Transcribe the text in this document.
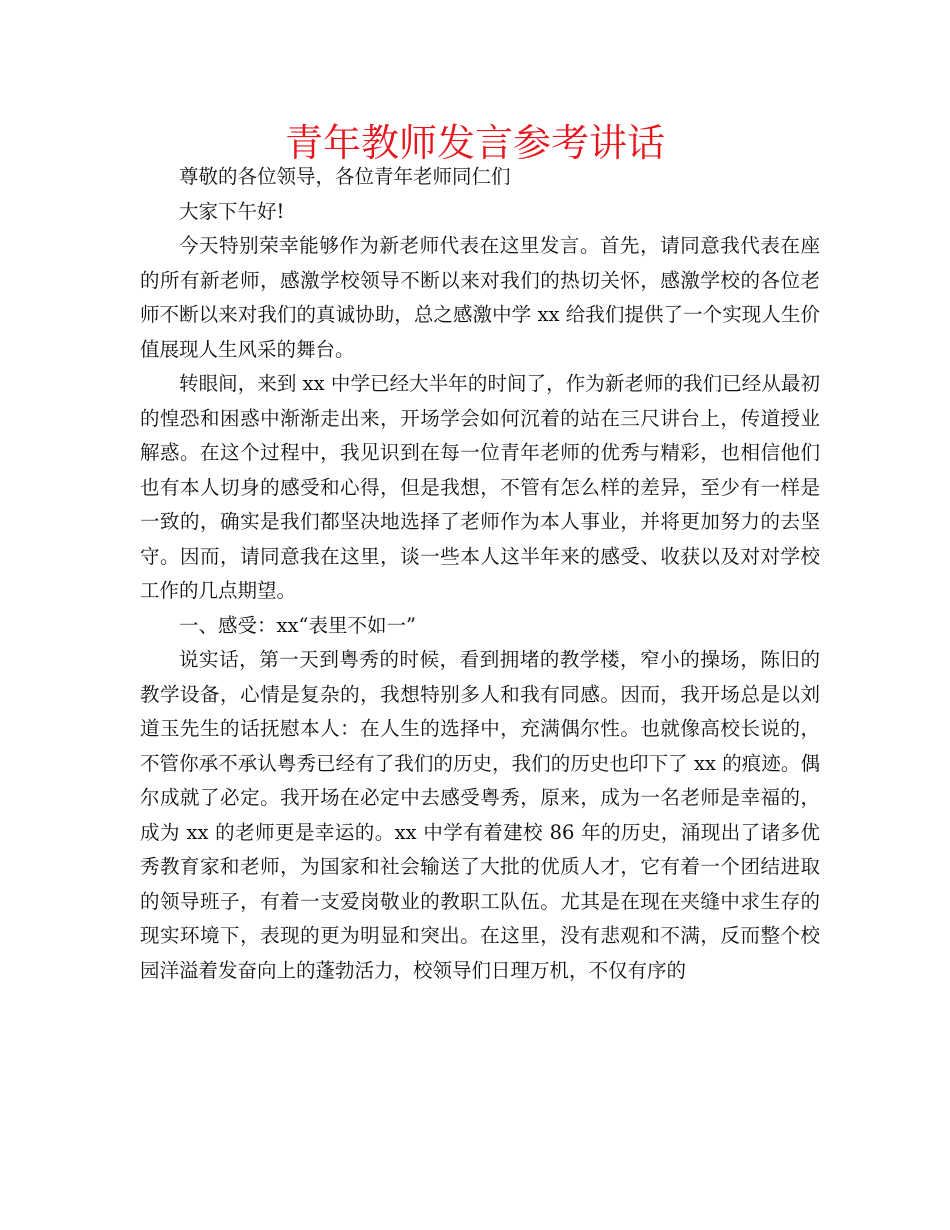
青年教师发言参考讲话

尊敬的各位领导，各位青年老师同仁们

大家下午好!

今天特别荣幸能够作为新老师代表在这里发言。首先，请同意我代表在座的所有新老师，感激学校领导不断以来对我们的热切关怀，感激学校的各位老师不断以来对我们的真诚协助，总之感激中学 xx 给我们提供了一个实现人生价值展现人生风采的舞台。

转眼间，来到 xx 中学已经大半年的时间了，作为新老师的我们已经从最初的惶恐和困惑中渐渐走出来，开场学会如何沉着的站在三尺讲台上，传道授业解惑。在这个过程中，我见识到在每一位青年老师的优秀与精彩，也相信他们也有本人切身的感受和心得，但是我想，不管有怎么样的差异，至少有一样是一致的，确实是我们都坚决地选择了老师作为本人事业，并将更加努力的去坚守。因而，请同意我在这里，谈一些本人这半年来的感受、收获以及对对学校工作的几点期望。

一、感受：xx“表里不如一”

说实话，第一天到粤秀的时候，看到拥堵的教学楼，窄小的操场，陈旧的教学设备，心情是复杂的，我想特别多人和我有同感。因而，我开场总是以刘道玉先生的话抚慰本人：在人生的选择中，充满偶尔性。也就像高校长说的，不管你承不承认粤秀已经有了我们的历史，我们的历史也印下了 xx 的痕迹。偶尔成就了必定。我开场在必定中去感受粤秀，原来，成为一名老师是幸福的，成为 xx 的老师更是幸运的。xx 中学有着建校 86 年的历史，涌现出了诸多优秀教育家和老师，为国家和社会输送了大批的优质人才，它有着一个团结进取的领导班子，有着一支爱岗敬业的教职工队伍。尤其是在现在夹缝中求生存的现实环境下，表现的更为明显和突出。在这里，没有悲观和不满，反而整个校园洋溢着发奋向上的蓬勃活力，校领导们日理万机，不仅有序的
